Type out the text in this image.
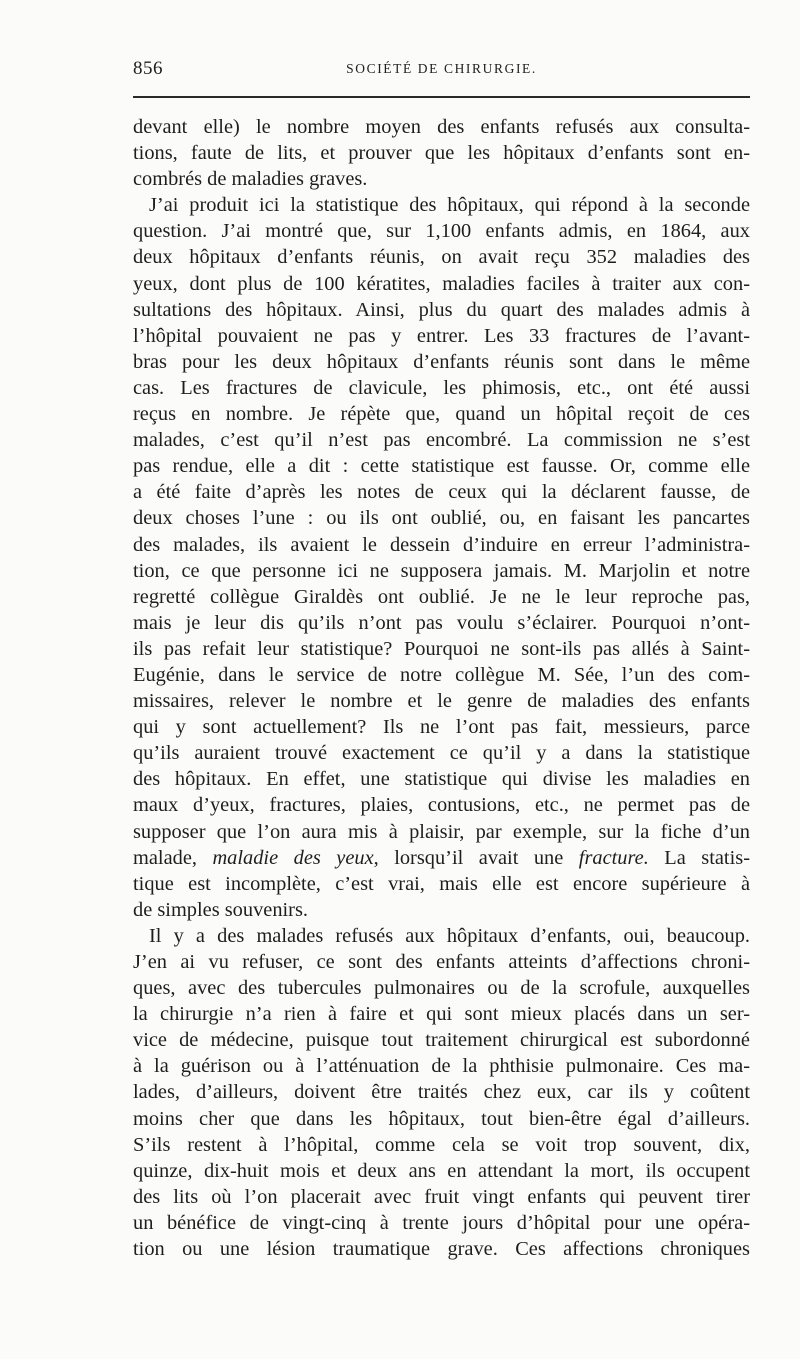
856	SOCIÉTÉ DE CHIRURGIE.
devant elle) le nombre moyen des enfants refusés aux consulta-
tions, faute de lits, et prouver que les hôpitaux d’enfants sont en-
combrés de maladies graves.
J’ai produit ici la statistique des hôpitaux, qui répond à la seconde
question. J’ai montré que, sur 1,100 enfants admis, en 1864, aux
deux hôpitaux d’enfants réunis, on avait reçu 352 maladies des
yeux, dont plus de 100 kératites, maladies faciles à traiter aux con-
sultations des hôpitaux. Ainsi, plus du quart des malades admis à
l’hôpital pouvaient ne pas y entrer. Les 33 fractures de l’avant-
bras pour les deux hôpitaux d’enfants réunis sont dans le même
cas. Les fractures de clavicule, les phimosis, etc., ont été aussi
reçus en nombre. Je répète que, quand un hôpital reçoit de ces
malades, c’est qu’il n’est pas encombré. La commission ne s’est
pas rendue, elle a dit : cette statistique est fausse. Or, comme elle
a été faite d’après les notes de ceux qui la déclarent fausse, de
deux choses l’une : ou ils ont oublié, ou, en faisant les pancartes
des malades, ils avaient le dessein d’induire en erreur l’administra-
tion, ce que personne ici ne supposera jamais. M. Marjolin et notre
regretté collègue Giraldès ont oublié. Je ne le leur reproche pas,
mais je leur dis qu’ils n’ont pas voulu s’éclairer. Pourquoi n’ont-
ils pas refait leur statistique? Pourquoi ne sont-ils pas allés à Saint-
Eugénie, dans le service de notre collègue M. Sée, l’un des com-
missaires, relever le nombre et le genre de maladies des enfants
qui y sont actuellement? Ils ne l’ont pas fait, messieurs, parce
qu’ils auraient trouvé exactement ce qu’il y a dans la statistique
des hôpitaux. En effet, une statistique qui divise les maladies en
maux d’yeux, fractures, plaies, contusions, etc., ne permet pas de
supposer que l’on aura mis à plaisir, par exemple, sur la fiche d’un
malade, maladie des yeux, lorsqu’il avait une fracture. La statis-
tique est incomplète, c’est vrai, mais elle est encore supérieure à
de simples souvenirs.
Il y a des malades refusés aux hôpitaux d’enfants, oui, beaucoup.
J’en ai vu refuser, ce sont des enfants atteints d’affections chroni-
ques, avec des tubercules pulmonaires ou de la scrofule, auxquelles
la chirurgie n’a rien à faire et qui sont mieux placés dans un ser-
vice de médecine, puisque tout traitement chirurgical est subordonné
à la guérison ou à l’atténuation de la phthisie pulmonaire. Ces ma-
lades, d’ailleurs, doivent être traités chez eux, car ils y coûtent
moins cher que dans les hôpitaux, tout bien-être égal d’ailleurs.
S’ils restent à l’hôpital, comme cela se voit trop souvent, dix,
quinze, dix-huit mois et deux ans en attendant la mort, ils occupent
des lits où l’on placerait avec fruit vingt enfants qui peuvent tirer
un bénéfice de vingt-cinq à trente jours d’hôpital pour une opéra-
tion ou une lésion traumatique grave. Ces affections chroniques
